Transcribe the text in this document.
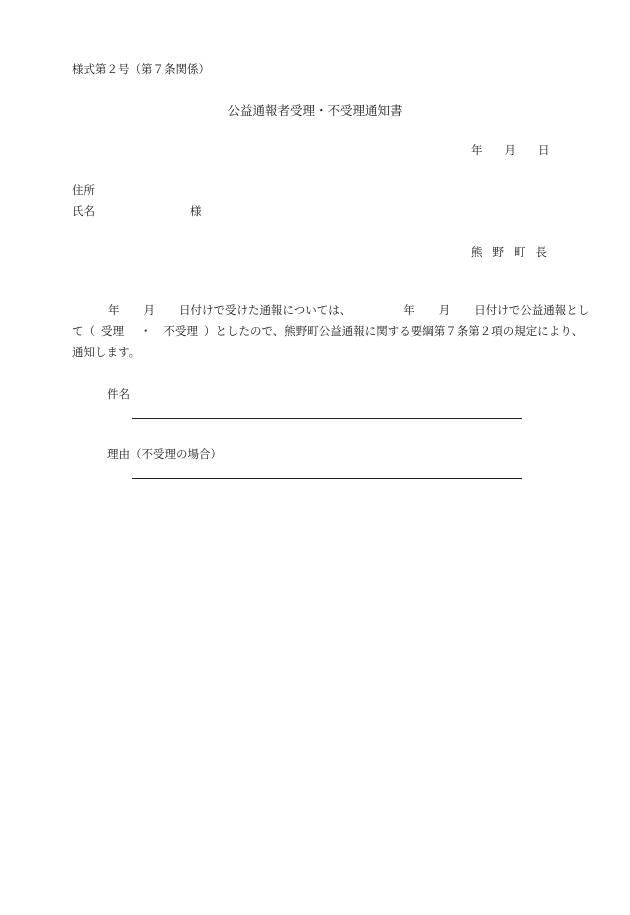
様式第２号（第７条関係）
公益通報者受理・不受理通知書
年 月 日
住所
氏名	様
熊 野 町 長
年 月 日付けで受けた通報については、	年 月 日付けで公益通報とし
て（ 受理 ・ 不受理 ）としたので、熊野町公益通報に関する要綱第７条第２項の規定により、
通知します。
件名
理由（不受理の場合）
